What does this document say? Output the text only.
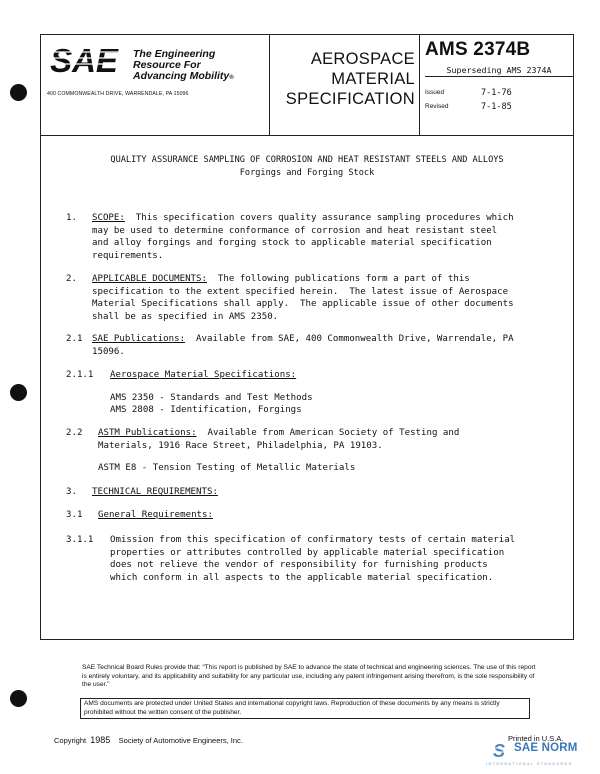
SAE The Engineering
Resource For
Advancing Mobility®
400 COMMONWEALTH DRIVE, WARRENDALE, PA 15096
AEROSPACE
MATERIAL
SPECIFICATION
AMS 2374B
Superseding AMS 2374A
Issued	7-1-76
Revised	7-1-85
QUALITY ASSURANCE SAMPLING OF CORROSION AND HEAT RESISTANT STEELS AND ALLOYS
Forgings and Forging Stock
1. SCOPE:  This specification covers quality assurance sampling procedures which
may be used to determine conformance of corrosion and heat resistant steel
and alloy forgings and forging stock to applicable material specification
requirements.
2. APPLICABLE DOCUMENTS:  The following publications form a part of this
specification to the extent specified herein.  The latest issue of Aerospace
Material Specifications shall apply.  The applicable issue of other documents
shall be as specified in AMS 2350.
2.1 SAE Publications:  Available from SAE, 400 Commonwealth Drive, Warrendale, PA
15096.
2.1.1 Aerospace Material Specifications:
AMS 2350 - Standards and Test Methods
AMS 2808 - Identification, Forgings
2.2 ASTM Publications:  Available from American Society of Testing and
Materials, 1916 Race Street, Philadelphia, PA 19103.
ASTM E8 - Tension Testing of Metallic Materials
3. TECHNICAL REQUIREMENTS:
3.1 General Requirements:
3.1.1 Omission from this specification of confirmatory tests of certain material
properties or attributes controlled by applicable material specification
does not relieve the vendor of responsibility for furnishing products
which conform in all aspects to the applicable material specification.
SAE Technical Board Rules provide that: “This report is published by SAE to advance the state of technical and engineering sciences. The use of this report is entirely voluntary, and its applicability and suitability for any particular use, including any patent infringement arising therefrom, is the sole responsibility of the user.”
AMS documents are protected under United States and international copyright laws. Reproduction of these documents by any means is strictly prohibited without the written consent of the publisher.
Copyright 1985 Society of Automotive Engineers, Inc.	Printed in U.S.A.
S SAE NORM
INTERNATIONAL STANDARDS
